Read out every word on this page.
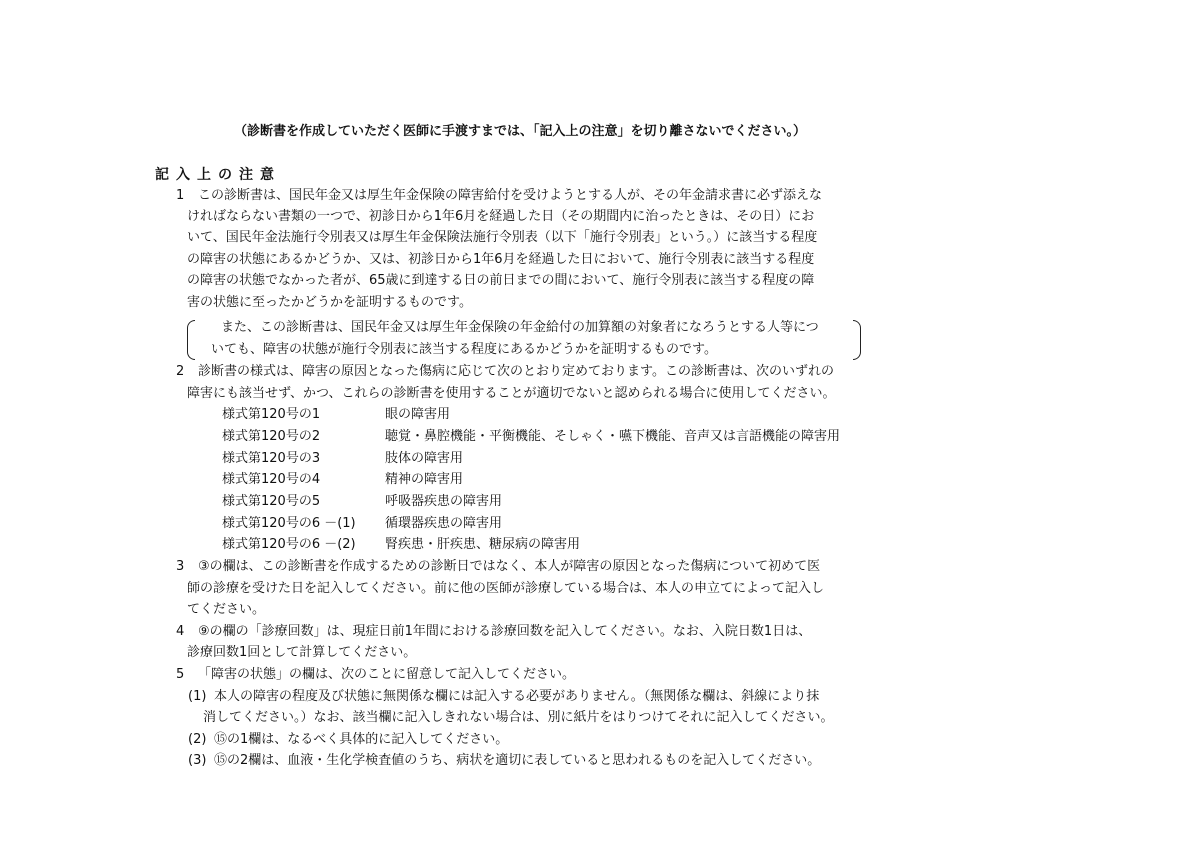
（診断書を作成していただく医師に手渡すまでは、「記入上の注意」を切り離さないでください。）
記入上の注意
1 この診断書は、国民年金又は厚生年金保険の障害給付を受けようとする人が、その年金請求書に必ず添えな
ければならない書類の一つで、初診日から1年6月を経過した日（その期間内に治ったときは、その日）にお
いて、国民年金法施行令別表又は厚生年金保険法施行令別表（以下「施行令別表」という。）に該当する程度
の障害の状態にあるかどうか、又は、初診日から1年6月を経過した日において、施行令別表に該当する程度
の障害の状態でなかった者が、65歳に到達する日の前日までの間において、施行令別表に該当する程度の障
害の状態に至ったかどうかを証明するものです。
また、この診断書は、国民年金又は厚生年金保険の年金給付の加算額の対象者になろうとする人等につ
いても、障害の状態が施行令別表に該当する程度にあるかどうかを証明するものです。
2 診断書の様式は、障害の原因となった傷病に応じて次のとおり定めております。この診断書は、次のいずれの
障害にも該当せず、かつ、これらの診断書を使用することが適切でないと認められる場合に使用してください。
様式第120号の1	眼の障害用
様式第120号の2	聴覚・鼻腔機能・平衡機能、そしゃく・嚥下機能、音声又は言語機能の障害用
様式第120号の3	肢体の障害用
様式第120号の4	精神の障害用
様式第120号の5	呼吸器疾患の障害用
様式第120号の6 －(1) 循環器疾患の障害用
様式第120号の6 －(2) 腎疾患・肝疾患、糖尿病の障害用
3 ③の欄は、この診断書を作成するための診断日ではなく、本人が障害の原因となった傷病について初めて医
師の診療を受けた日を記入してください。前に他の医師が診療している場合は、本人の申立てによって記入し
てください。
4 ⑨の欄の「診療回数」は、現症日前1年間における診療回数を記入してください。なお、入院日数1日は、
診療回数1回として計算してください。
5 「障害の状態」の欄は、次のことに留意して記入してください。
(1) 本人の障害の程度及び状態に無関係な欄には記入する必要がありません。（無関係な欄は、斜線により抹
消してください。）なお、該当欄に記入しきれない場合は、別に紙片をはりつけてそれに記入してください。
(2) ⑮の1欄は、なるべく具体的に記入してください。
(3) ⑮の2欄は、血液・生化学検査値のうち、病状を適切に表していると思われるものを記入してください。
